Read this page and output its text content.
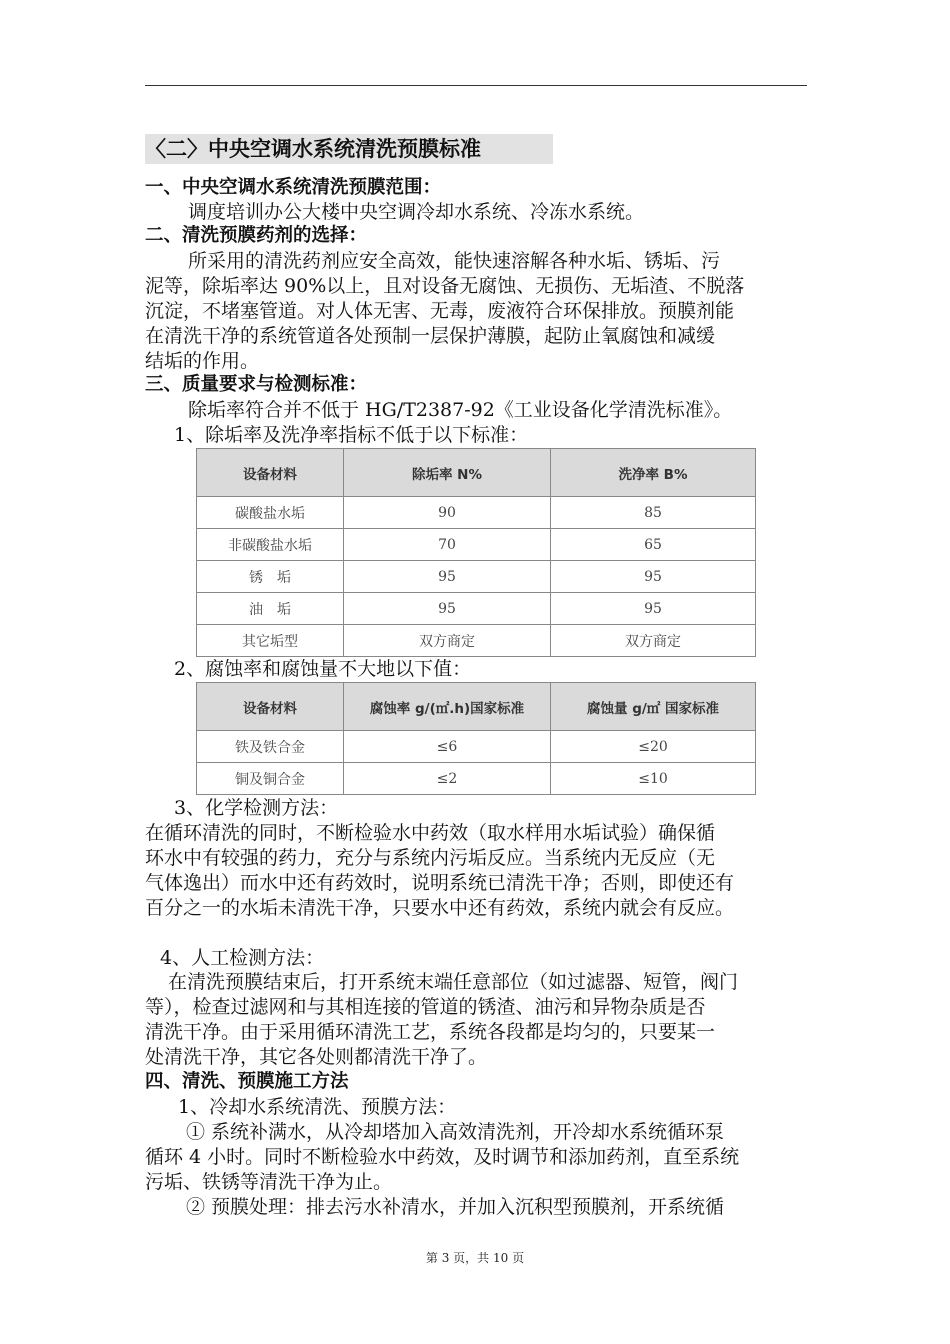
〈二〉中央空调水系统清洗预膜标准
一、中央空调水系统清洗预膜范围：
调度培训办公大楼中央空调冷却水系统、冷冻水系统。
二、清洗预膜药剂的选择：
所采用的清洗药剂应安全高效，能快速溶解各种水垢、锈垢、污
泥等，除垢率达 90%以上，且对设备无腐蚀、无损伤、无垢渣、不脱落
沉淀，不堵塞管道。对人体无害、无毒，废液符合环保排放。预膜剂能
在清洗干净的系统管道各处预制一层保护薄膜，起防止氧腐蚀和减缓
结垢的作用。
三、质量要求与检测标准：
除垢率符合并不低于 HG/T2387-92《工业设备化学清洗标准》。
1、除垢率及洗净率指标不低于以下标准：
设备材料	除垢率 N%	洗净率 B%
碳酸盐水垢	90	85
非碳酸盐水垢	70	65
锈　垢	95	95
油　垢	95	95
其它垢型	双方商定	双方商定
2、腐蚀率和腐蚀量不大地以下值：
设备材料	腐蚀率 g/(㎡.h)国家标准	腐蚀量 g/㎡ 国家标准
铁及铁合金	≤6	≤20
铜及铜合金	≤2	≤10
3、化学检测方法：
在循环清洗的同时，不断检验水中药效（取水样用水垢试验）确保循
环水中有较强的药力，充分与系统内污垢反应。当系统内无反应（无
气体逸出）而水中还有药效时，说明系统已清洗干净；否则，即使还有
百分之一的水垢未清洗干净，只要水中还有药效，系统内就会有反应。
4、人工检测方法：
在清洗预膜结束后，打开系统末端任意部位（如过滤器、短管，阀门
等），检查过滤网和与其相连接的管道的锈渣、油污和异物杂质是否
清洗干净。由于采用循环清洗工艺，系统各段都是均匀的，只要某一
处清洗干净，其它各处则都清洗干净了。
四、清洗、预膜施工方法
1、冷却水系统清洗、预膜方法：
① 系统补满水，从冷却塔加入高效清洗剂，开冷却水系统循环泵
循环 4 小时。同时不断检验水中药效，及时调节和添加药剂，直至系统
污垢、铁锈等清洗干净为止。
② 预膜处理：排去污水补清水，并加入沉积型预膜剂，开系统循
第 3 页，共 10 页
